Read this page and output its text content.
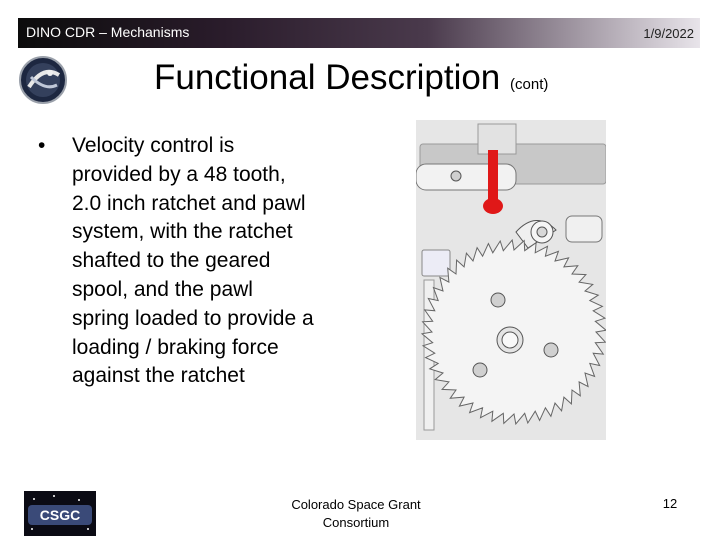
DINO CDR – Mechanisms	1/9/2022
Functional Description (cont)
• Velocity control is
provided by a 48 tooth,
2.0 inch ratchet and pawl
system, with the ratchet
shafted to the geared
spool, and the pawl
spring loaded to provide a
loading / braking force
against the ratchet
CSGC
Colorado Space Grant
Consortium
12
